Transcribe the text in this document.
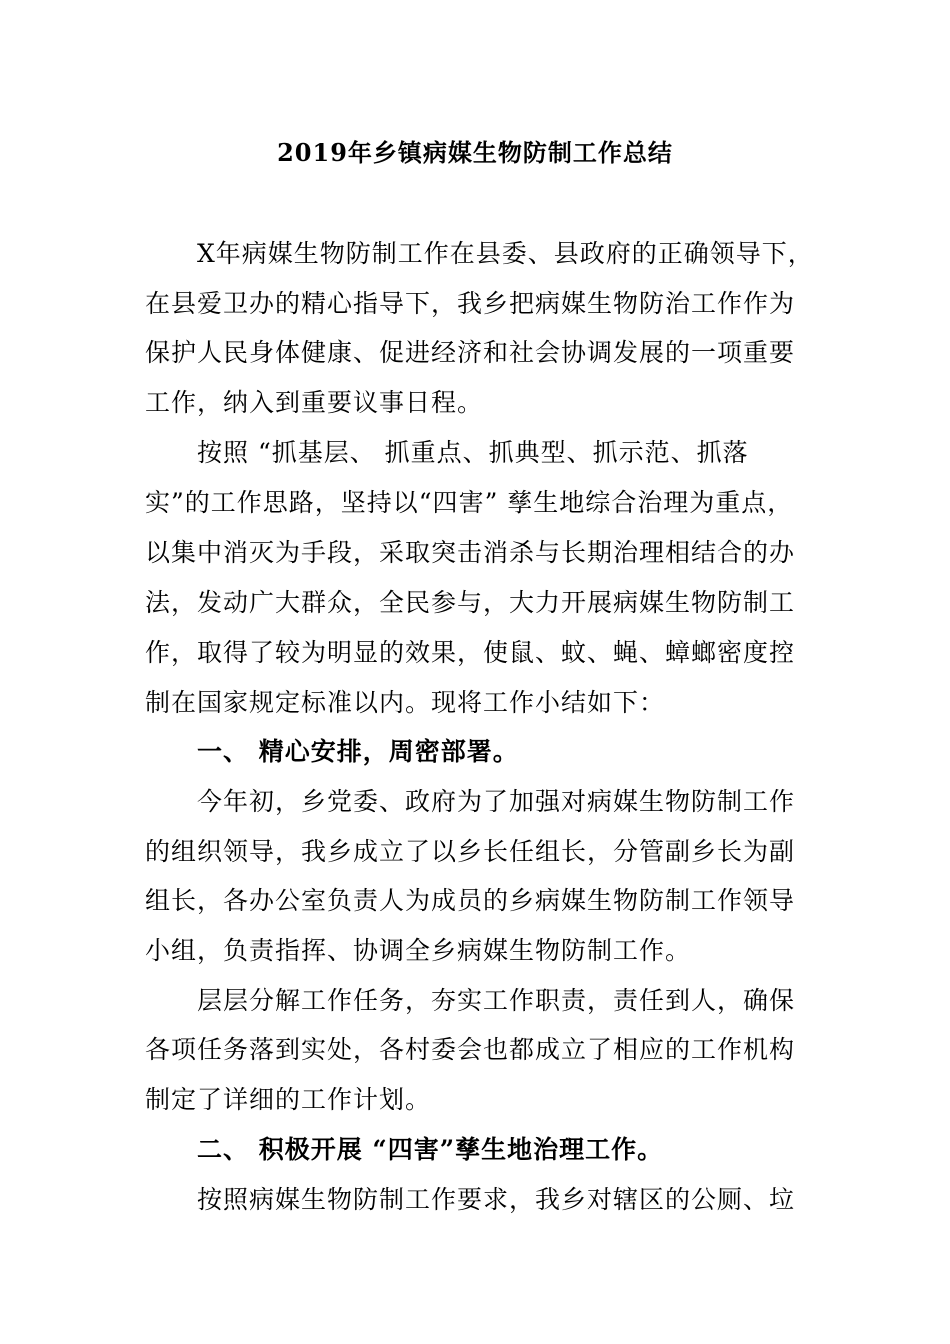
2019年乡镇病媒生物防制工作总结
　　X年病媒生物防制工作在县委、县政府的正确领导下，
在县爱卫办的精心指导下，我乡把病媒生物防治工作作为
保护人民身体健康、促进经济和社会协调发展的一项重要
工作，纳入到重要议事日程。
　　按照 “抓基层、 抓重点、抓典型、抓示范、抓落
实”的工作思路，坚持以“四害” 孳生地综合治理为重点，
以集中消灭为手段，采取突击消杀与长期治理相结合的办
法，发动广大群众，全民参与，大力开展病媒生物防制工
作，取得了较为明显的效果，使鼠、蚊、蝇、蟑螂密度控
制在国家规定标准以内。现将工作小结如下：
　　一、 精心安排，周密部署。
　　今年初，乡党委、政府为了加强对病媒生物防制工作
的组织领导，我乡成立了以乡长任组长，分管副乡长为副
组长，各办公室负责人为成员的乡病媒生物防制工作领导
小组，负责指挥、协调全乡病媒生物防制工作。
　　层层分解工作任务，夯实工作职责，责任到人，确保
各项任务落到实处，各村委会也都成立了相应的工作机构
制定了详细的工作计划。
　　二、 积极开展 “四害”孳生地治理工作。
　　按照病媒生物防制工作要求，我乡对辖区的公厕、垃
